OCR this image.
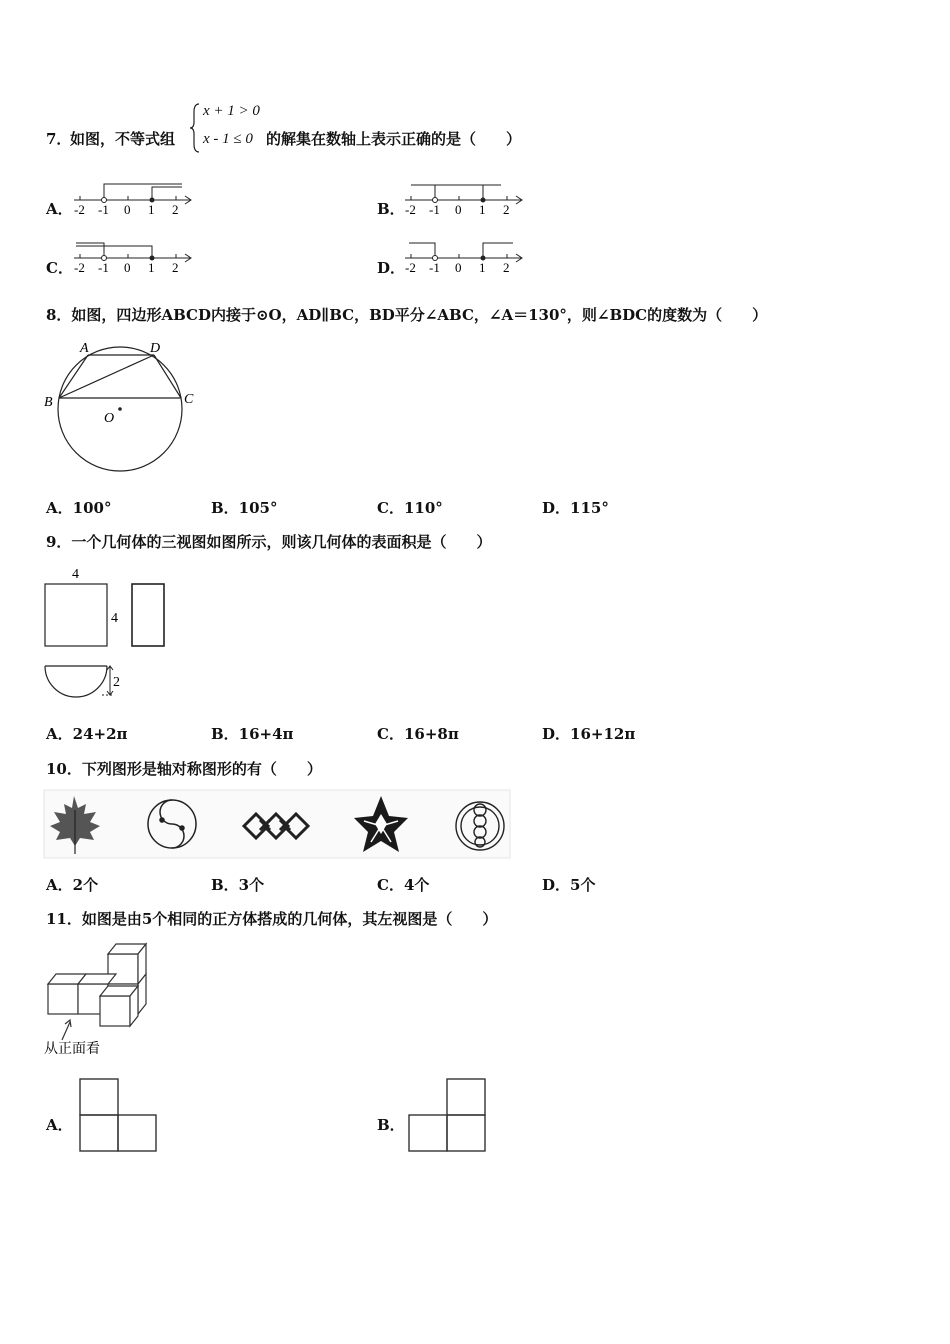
7．
如图，不等式组
x + 1 > 0
x - 1 ≤ 0 的解集在数轴上表示正确的是（　　）
A． -2 -1 0 1 2	B． -2 -1 0 1 2
C． -2 -1 0 1 2	D． -2 -1 0 1 2
8．如图，四边形ABCD内接于⊙O，AD∥BC，BD平分∠ABC，∠A＝130°，则∠BDC的度数为（　　）
A	D
B	C
O
A．100°	B．105°	C．110°	D．115°
9．一个几何体的三视图如图所示，则该几何体的表面积是（　　）
4
4
2
A．24+2π	B．16+4π	C．16+8π	D．16+12π
10．下列图形是轴对称图形的有（　　）
A．2个	B．3个	C．4个	D．5个
11．如图是由5个相同的正方体搭成的几何体，其左视图是（　　）
从正面看
A．	B．
